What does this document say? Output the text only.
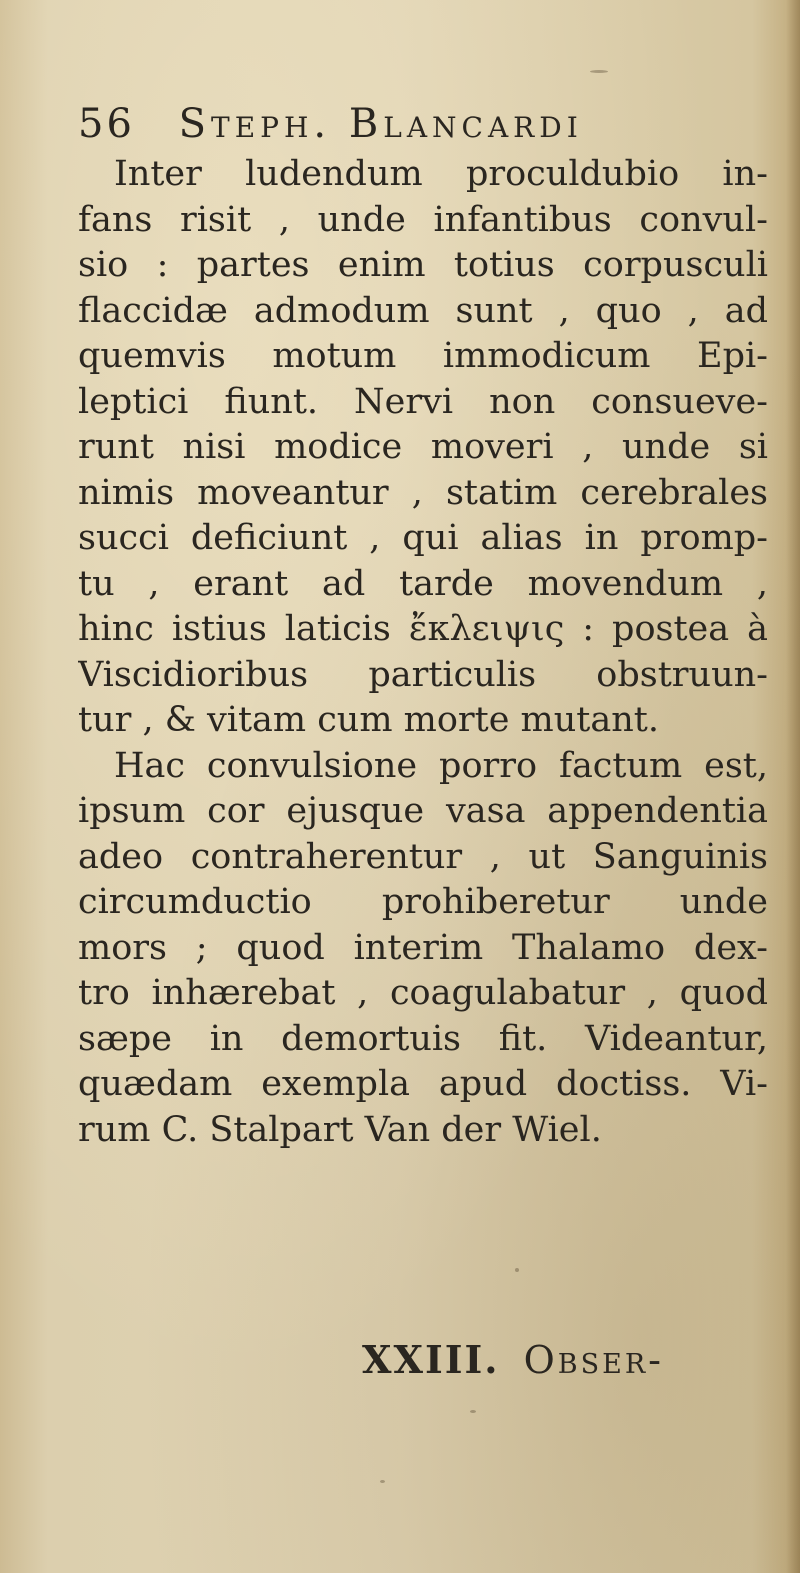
56 Steph. Blancardi
Inter ludendum proculdubio in-
fans risit , unde infantibus convul-
sio : partes enim totius corpusculi
flaccidæ admodum sunt , quo , ad
quemvis motum immodicum Epi-
leptici fiunt. Nervi non consueve-
runt nisi modice moveri , unde si
nimis moveantur , statim cerebrales
succi deficiunt , qui alias in promp-
tu , erant ad tarde movendum ,
hinc istius laticis ἔκλειψις : postea à
Viscidioribus particulis obstruun-
tur , & vitam cum morte mutant.
Hac convulsione porro factum est,
ipsum cor ejusque vasa appendentia
adeo contraherentur , ut Sanguinis
circumductio prohiberetur unde
mors ; quod interim Thalamo dex-
tro inhærebat , coagulabatur , quod
sæpe in demortuis fit. Videantur,
quædam exempla apud doctiss. Vi-
rum C. Stalpart Van der Wiel.
XXIII. Obser-
